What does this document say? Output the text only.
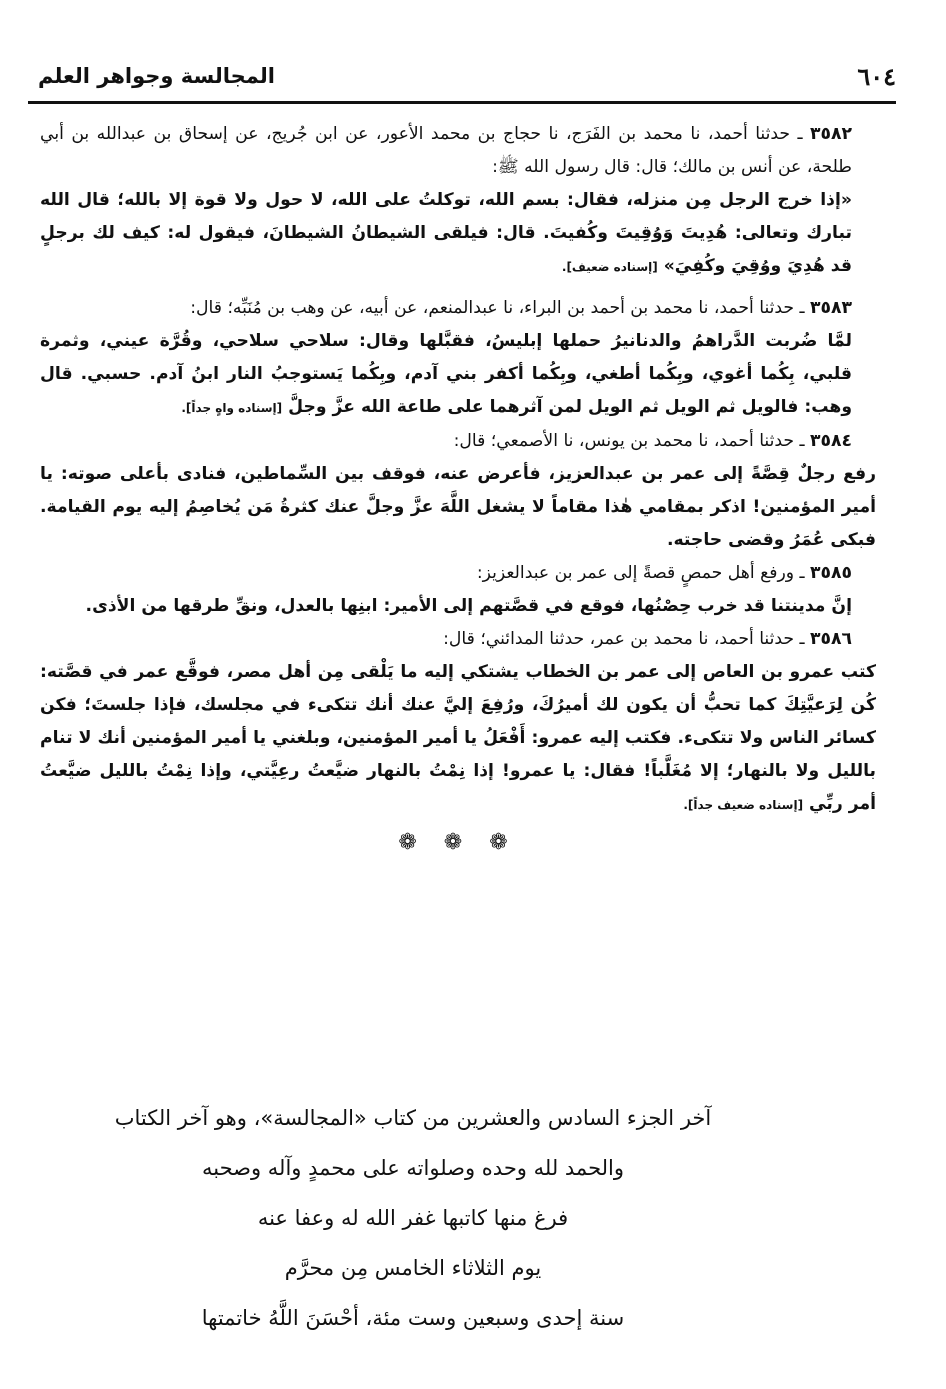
٦٠٤
المجالسة وجواهر العلم

٣٥٨٢ ـ حدثنا أحمد، نا محمد بن الفَرَج، نا حجاج بن محمد الأعور، عن ابن جُريج، عن إسحاق بن عبدالله بن أبي طلحة، عن أنس بن مالك؛ قال: قال رسول الله ﷺ:

«إذا خرج الرجل مِن منزله، فقال: بسم الله، توكلتُ على الله، لا حول ولا قوة إلا بالله؛ قال الله تبارك وتعالى: هُدِيتَ وَوُقِيتَ وكُفيتَ. قال: فيلقى الشيطانُ الشيطانَ، فيقول له: كيف لك برجلٍ قد هُدِيَ ووُقِيَ وكُفِيَ» [إسناده ضعيف].

٣٥٨٣ ـ حدثنا أحمد، نا محمد بن أحمد بن البراء، نا عبدالمنعم، عن أبيه، عن وهب بن مُنَبِّه؛ قال:

لمَّا ضُربت الدَّراهمُ والدنانيرُ حملها إبليسُ، فقبَّلها وقال: سلاحي سلاحي، وقُرَّة عيني، وثمرة قلبي، بِكُما أغوي، وبِكُما أطغي، وبِكُما أكفر بني آدم، وبِكُما يَستوجبُ النار ابنُ آدم. حسبي. قال وهب: فالويل ثم الويل ثم الويل لمن آثرهما على طاعة الله عزَّ وجلَّ [إسناده واهٍ جداً].

٣٥٨٤ ـ حدثنا أحمد، نا محمد بن يونس، نا الأصمعي؛ قال:

رفع رجلٌ قِصَّةً إلى عمر بن عبدالعزيز، فأعرض عنه، فوقف بين السِّماطين، فنادى بأعلى صوته: يا أمير المؤمنين! اذكر بمقامي هٰذا مقاماً لا يشغل اللَّهَ عزَّ وجلَّ عنك كثرةُ مَن يُخاصِمُ إليه يوم القيامة. فبكى عُمَرُ وقضى حاجته.

٣٥٨٥ ـ ورفع أهل حمصٍ قصةً إلى عمر بن عبدالعزيز:

إنَّ مدينتنا قد خرب حِصْنُها، فوقع في قصَّتهم إلى الأمير: ابنِها بالعدل، ونقِّ طرقها من الأذى.

٣٥٨٦ ـ حدثنا أحمد، نا محمد بن عمر، حدثنا المدائني؛ قال:

كتب عمرو بن العاص إلى عمر بن الخطاب يشتكي إليه ما يَلْقى مِن أهل مصر، فوقَّع عمر في قصَّته: كُن لِرَعيَّتِكَ كما تحبُّ أن يكون لك أميرُكَ، ورُفِعَ إليَّ عنك أنك تتكىء في مجلسك، فإذا جلستَ؛ فكن كسائر الناس ولا تتكىء. فكتب إليه عمرو: أَفْعَلُ يا أمير المؤمنين، وبلغني يا أمير المؤمنين أنك لا تنام بالليل ولا بالنهار؛ إلا مُغَلَّباً! فقال: يا عمرو! إذا نِمْتُ بالنهار ضيَّعتُ رعِيَّتي، وإذا نِمْتُ بالليل ضيَّعتُ أمر ربِّي [إسناده ضعيف جداً].

❁ ❁ ❁
آخر الجزء السادس والعشرين من كتاب «المجالسة»، وهو آخر الكتاب
والحمد لله وحده وصلواته على محمدٍ وآله وصحبه
فرغ منها كاتبها غفر الله له وعفا عنه
يوم الثلاثاء الخامس مِن محرَّم
سنة إحدى وسبعين وست مئة، أحْسَنَ اللَّهُ خاتمتها
